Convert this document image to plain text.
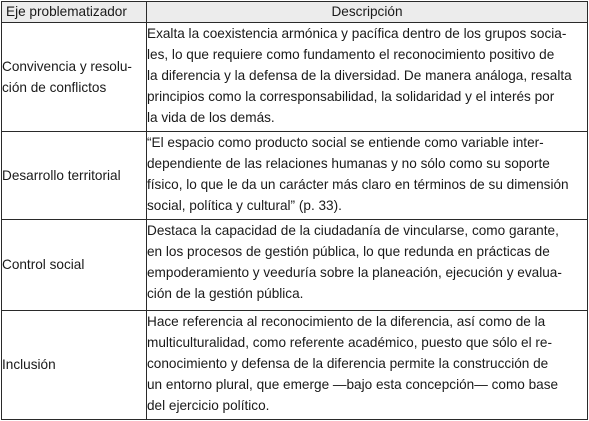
Eje problematizador	Descripción
Convivencia y resolu-
ción de conflictos	Exalta la coexistencia armónica y pacífica dentro de los grupos socia-
les, lo que requiere como fundamento el reconocimiento positivo de
la diferencia y la defensa de la diversidad. De manera análoga, resalta
principios como la corresponsabilidad, la solidaridad y el interés por
la vida de los demás.

Desarrollo territorial	“El espacio como producto social se entiende como variable inter-
dependiente de las relaciones humanas y no sólo como su soporte
físico, lo que le da un carácter más claro en términos de su dimensión
social, política y cultural” (p. 33).

Control social	Destaca la capacidad de la ciudadanía de vincularse, como garante,
en los procesos de gestión pública, lo que redunda en prácticas de
empoderamiento y veeduría sobre la planeación, ejecución y evalua-
ción de la gestión pública.

Inclusión	Hace referencia al reconocimiento de la diferencia, así como de la
multiculturalidad, como referente académico, puesto que sólo el re-
conocimiento y defensa de la diferencia permite la construcción de
un entorno plural, que emerge —bajo esta concepción— como base
del ejercicio político.
